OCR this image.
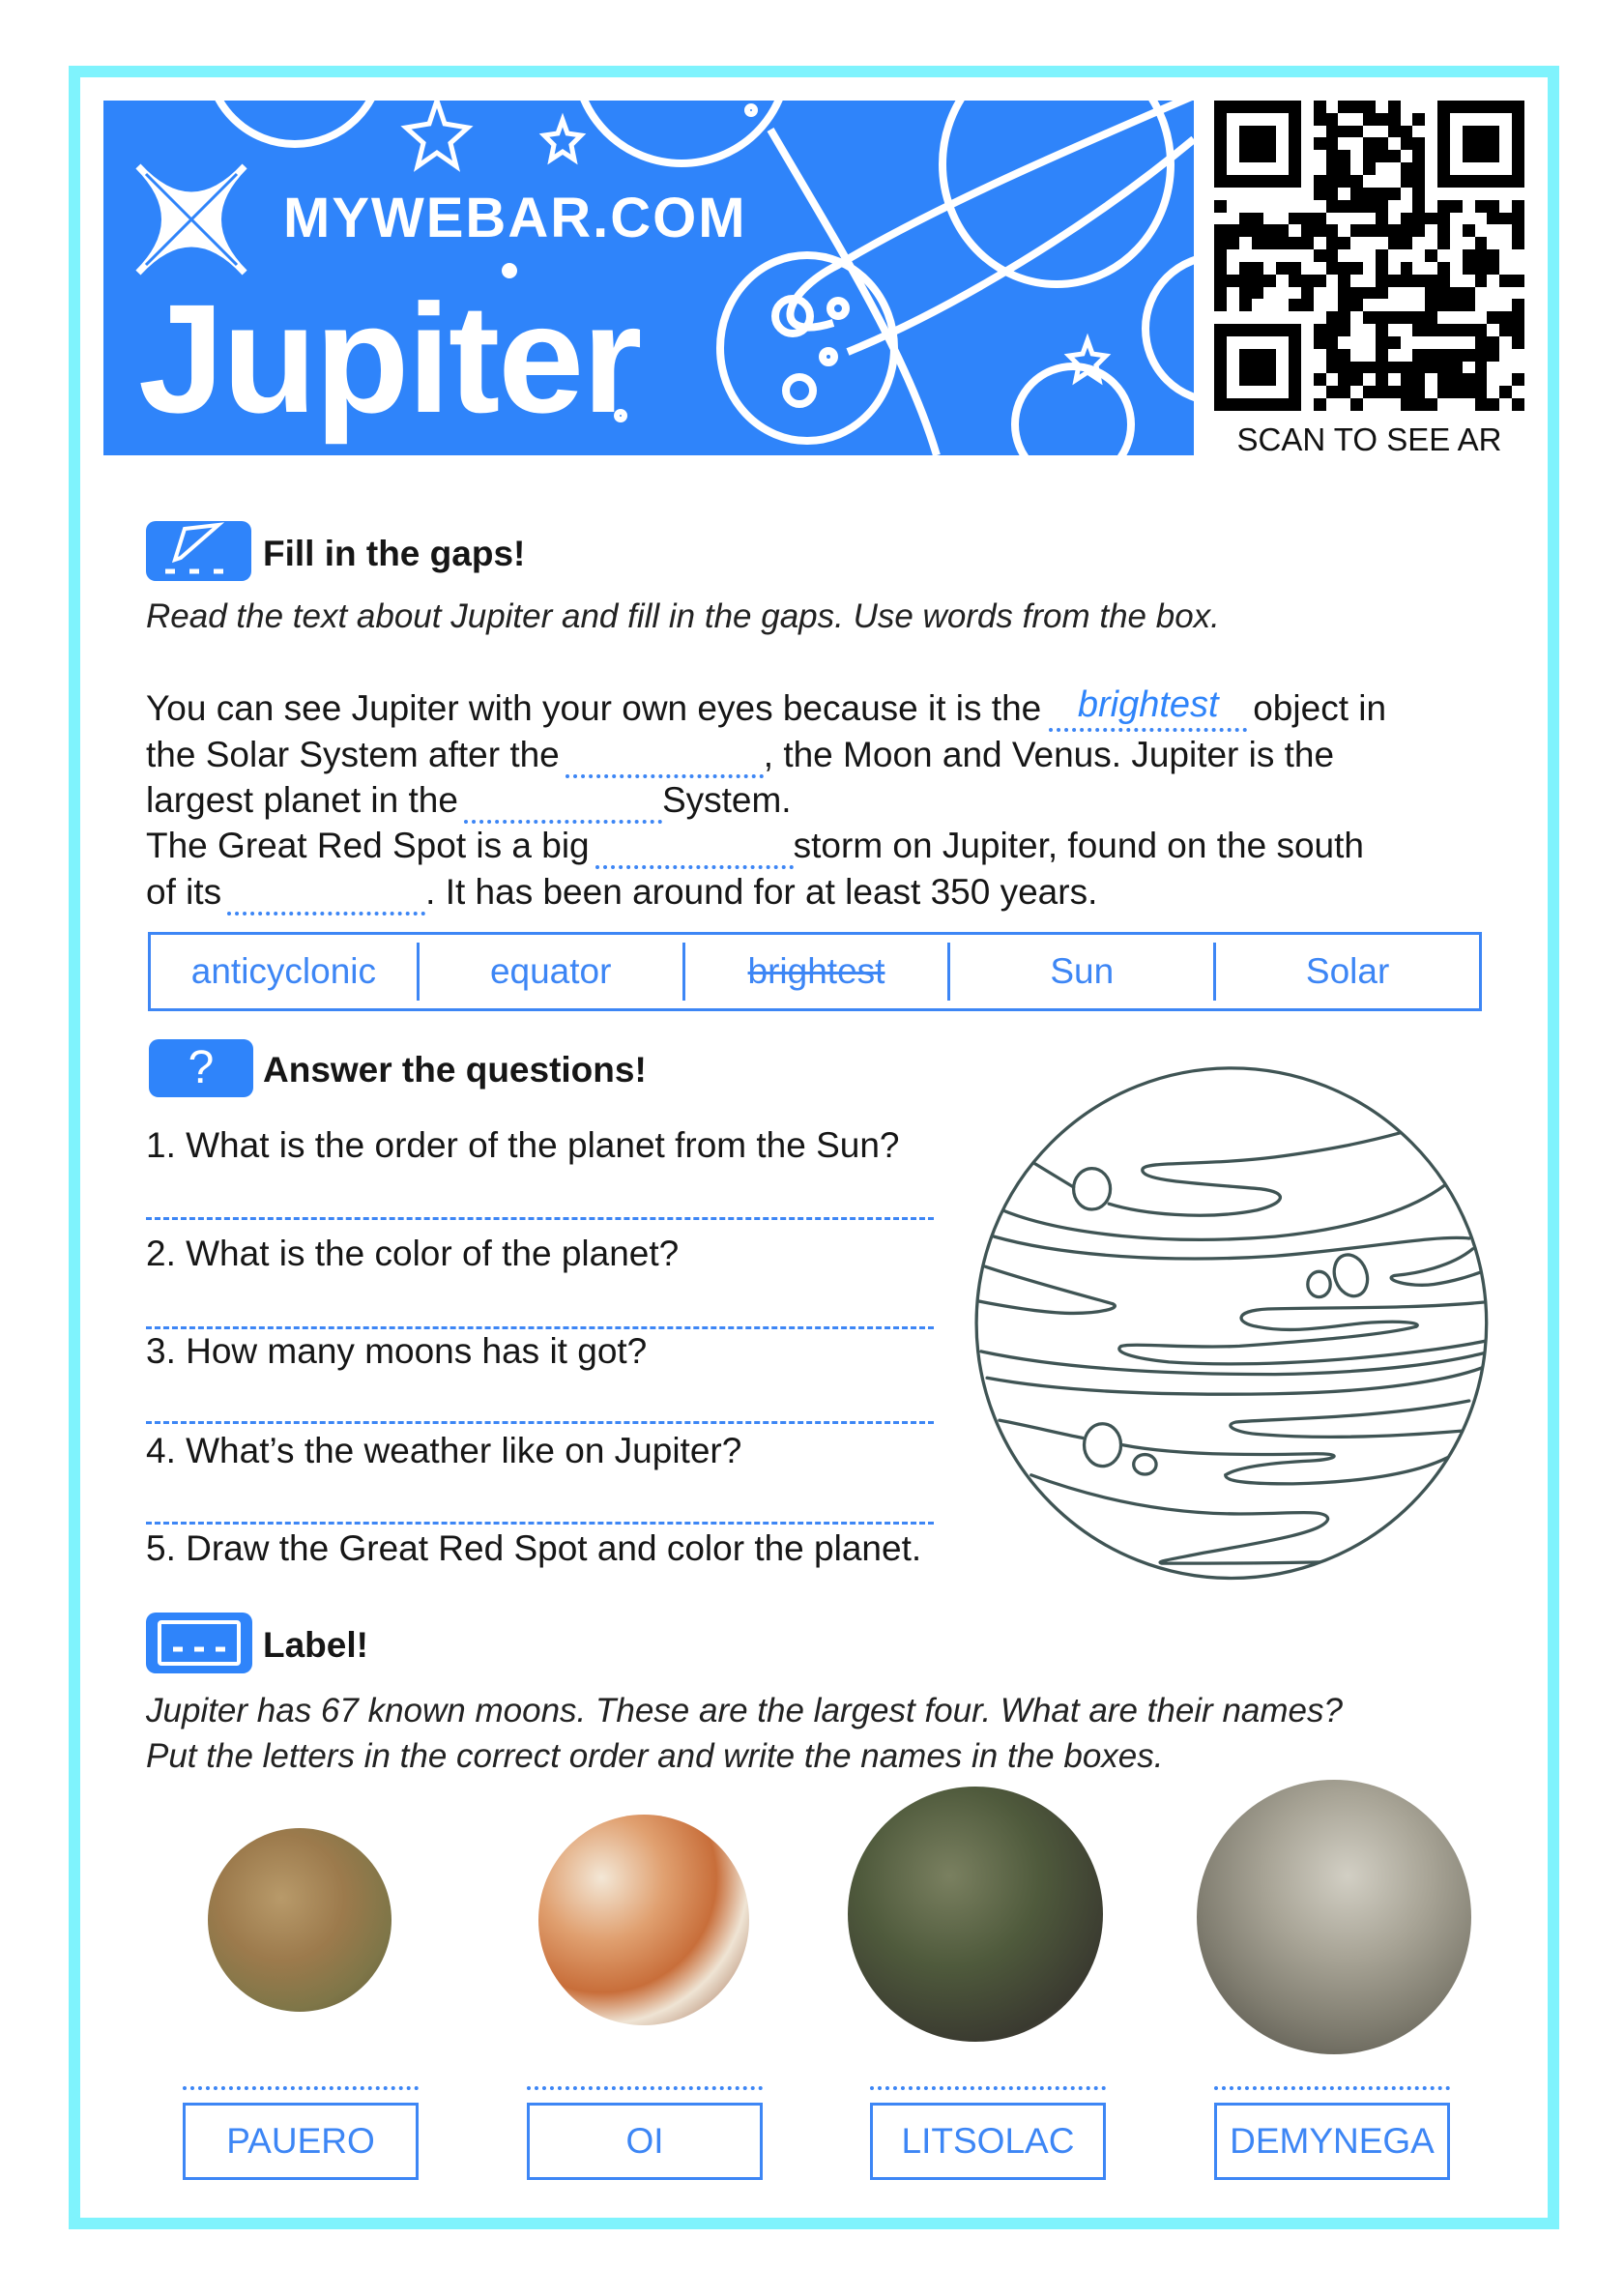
MYWEBAR.COM
Jupiter	SCAN TO SEE AR
Fill in the gaps!
Read the text about Jupiter and fill in the gaps. Use words from the box.
You can see Jupiter with your own eyes because it is the brightest object in
the Solar System after the	, the Moon and Venus. Jupiter is the
largest planet in the	System.
The Great Red Spot is a big	storm on Jupiter, found on the south
of its	. It has been around for at least 350 years.
anticyclonic	equator	brightest	Sun	Solar
?	Answer the questions!
1. What is the order of the planet from the Sun?
2. What is the color of the planet?
3. How many moons has it got?
4. What’s the weather like on Jupiter?
5. Draw the Great Red Spot and color the planet.
Label!
Jupiter has 67 known moons. These are the largest four. What are their names?
Put the letters in the correct order and write the names in the boxes.
PAUERO	OI	LITSOLAC	DEMYNEGA
